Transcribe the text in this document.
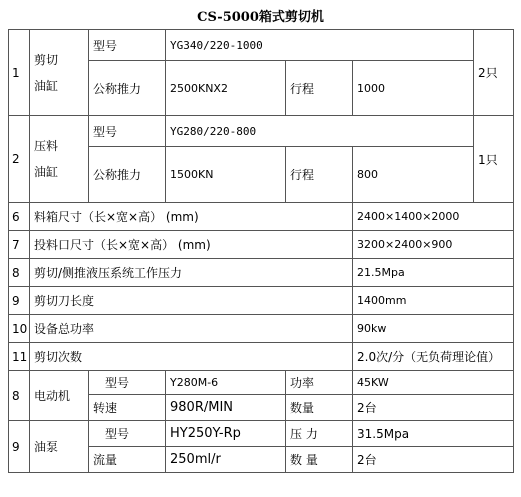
CS-5000箱式剪切机
1	剪切
油缸	型号	YG340/220-1000			2只
		公称推力	2500KNX2	行程	1000	
2	压料
油缸	型号	YG280/220-800			1只
		公称推力	1500KN	行程	800	
6	料箱尺寸（长×宽×高） (mm)				2400×1400×2000	
7	投料口尺寸（长×宽×高） (mm)				3200×2400×900	
8	剪切/侧推液压系统工作压力				21.5Mpa	
9	剪切刀长度				1400mm	
10	设备总功率				90kw	
11	剪切次数				2.0次/分（无负荷理论值）	
8	电动机	型号	Y280M-6	功率	45KW	
		转速	980R/MIN	数量	2台	
9	油泵	型号	HY250Y-Rp	压 力	31.5Mpa	
		流量	250ml/r	数 量	2台	
